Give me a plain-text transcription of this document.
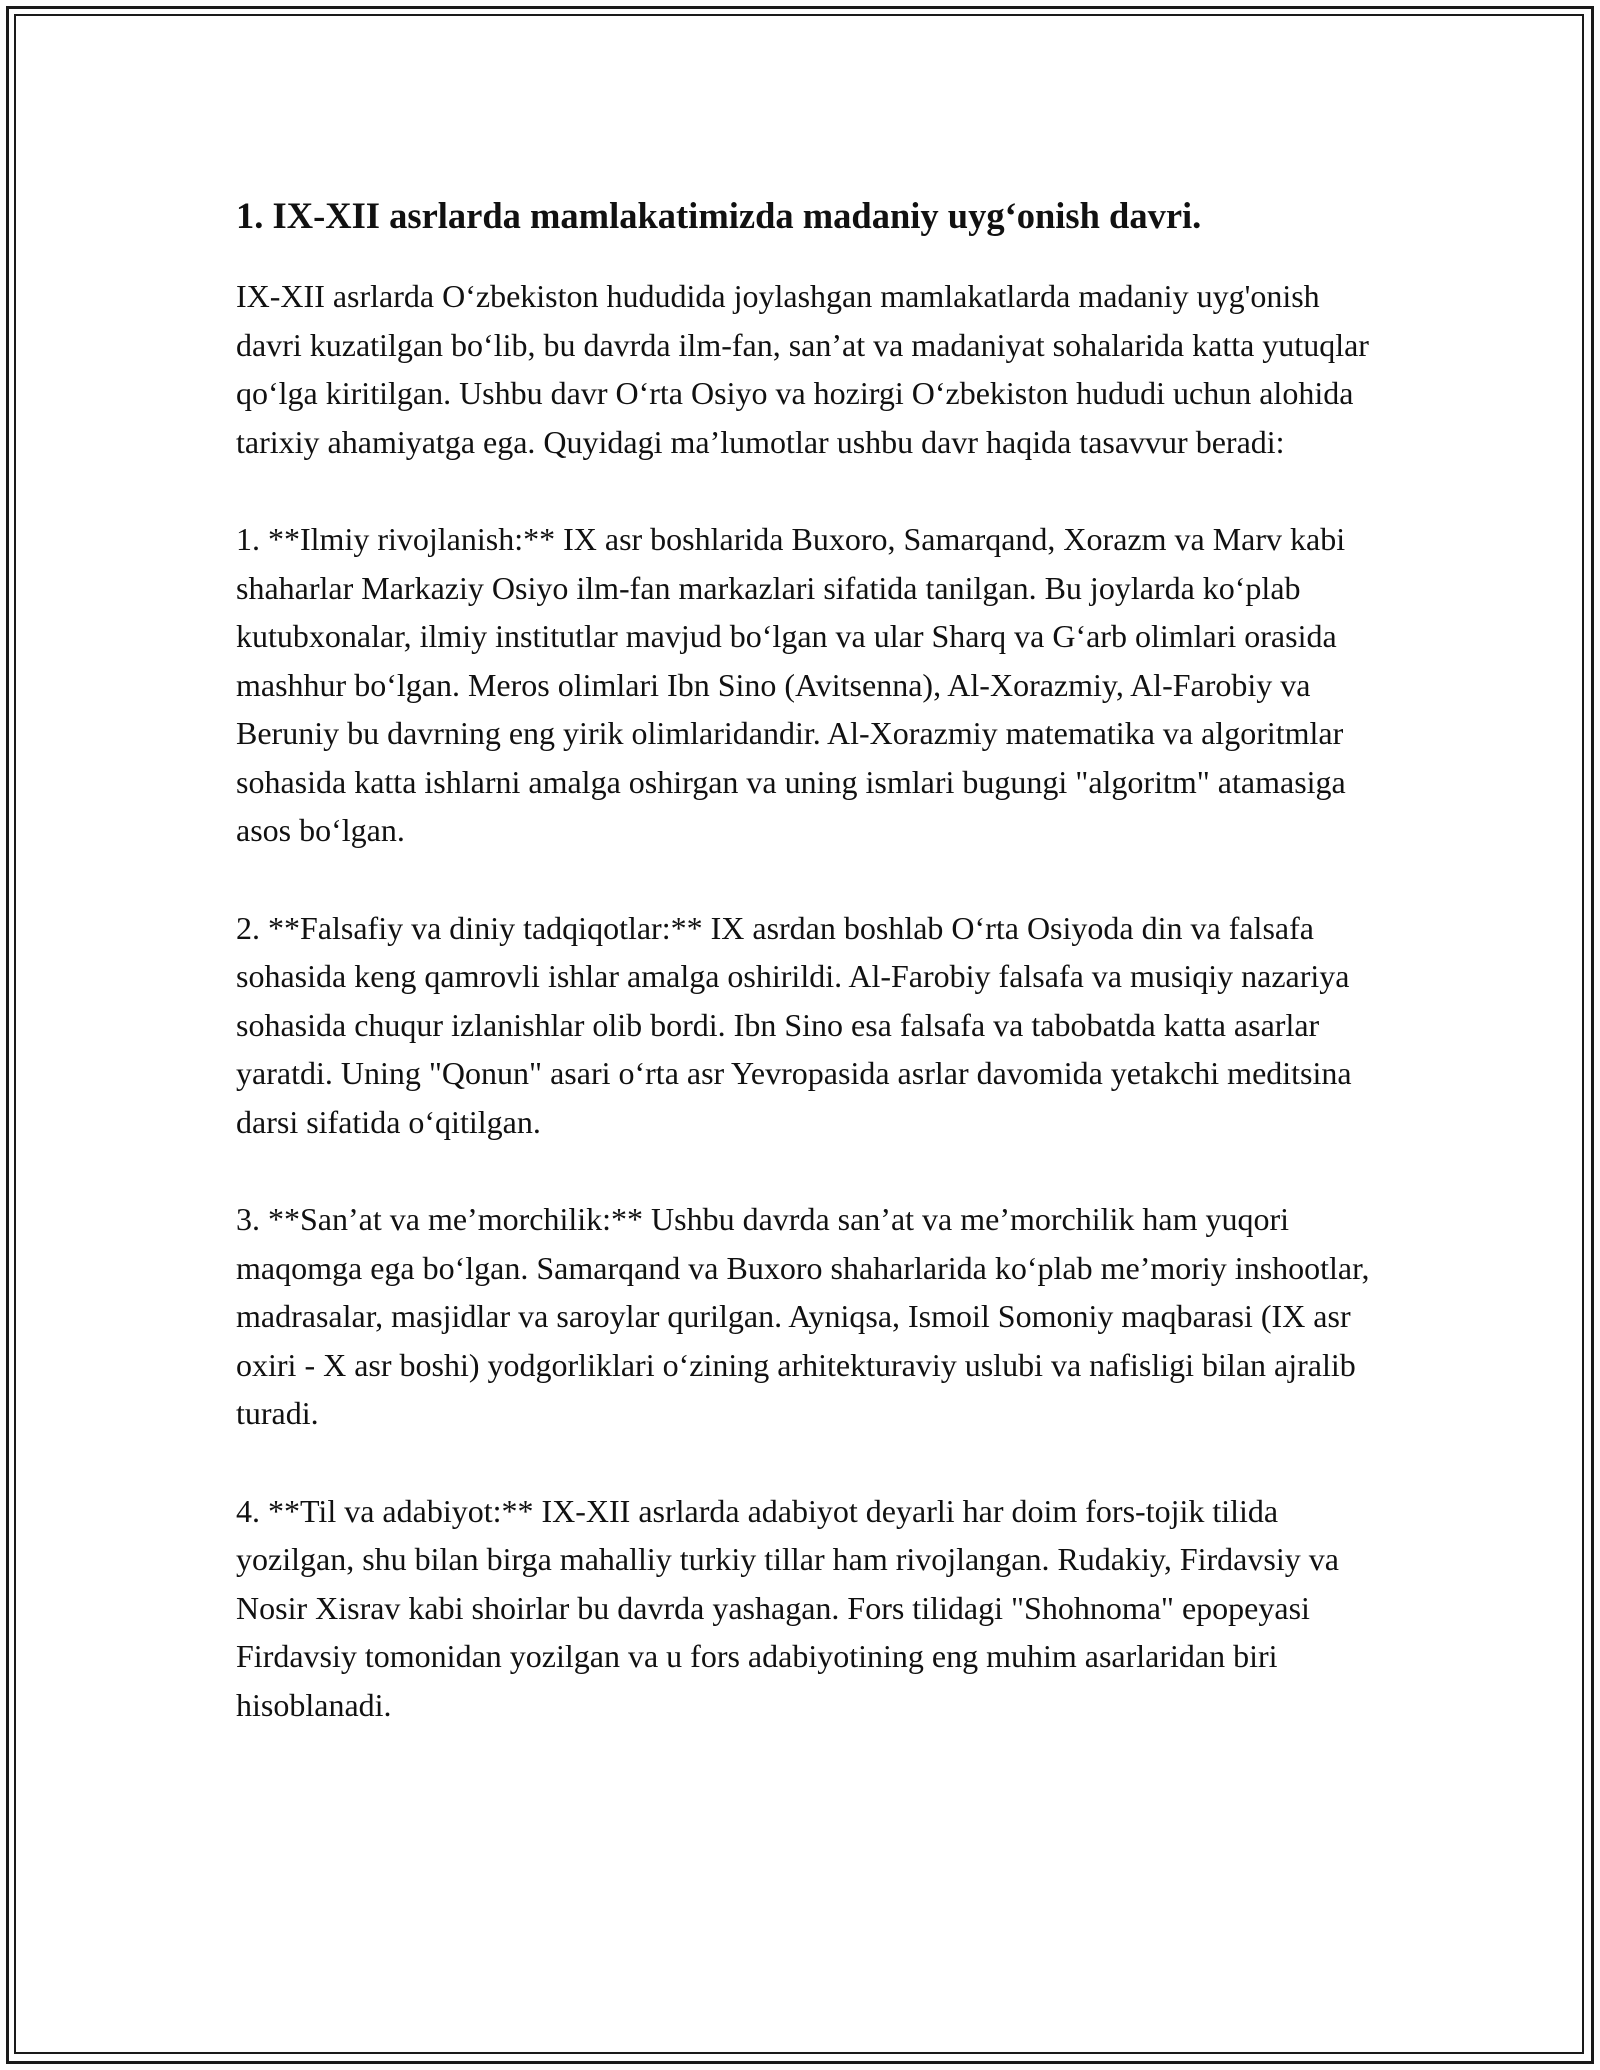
1. IX-XII asrlarda mamlakatimizda madaniy uyg‘onish davri.

IX-XII asrlarda O‘zbekiston hududida joylashgan mamlakatlarda madaniy uyg'onish davri kuzatilgan bo‘lib, bu davrda ilm-fan, san’at va madaniyat sohalarida katta yutuqlar qo‘lga kiritilgan. Ushbu davr O‘rta Osiyo va hozirgi O‘zbekiston hududi uchun alohida tarixiy ahamiyatga ega. Quyidagi ma’lumotlar ushbu davr haqida tasavvur beradi:

1. **Ilmiy rivojlanish:** IX asr boshlarida Buxoro, Samarqand, Xorazm va Marv kabi shaharlar Markaziy Osiyo ilm-fan markazlari sifatida tanilgan. Bu joylarda ko‘plab kutubxonalar, ilmiy institutlar mavjud bo‘lgan va ular Sharq va G‘arb olimlari orasida mashhur bo‘lgan. Meros olimlari Ibn Sino (Avitsenna), Al-Xorazmiy, Al-Farobiy va Beruniy bu davrning eng yirik olimlaridandir. Al-Xorazmiy matematika va algoritmlar sohasida katta ishlarni amalga oshirgan va uning ismlari bugungi "algoritm" atamasiga asos bo‘lgan.

2. **Falsafiy va diniy tadqiqotlar:** IX asrdan boshlab O‘rta Osiyoda din va falsafa sohasida keng qamrovli ishlar amalga oshirildi. Al-Farobiy falsafa va musiqiy nazariya sohasida chuqur izlanishlar olib bordi. Ibn Sino esa falsafa va tabobatda katta asarlar yaratdi. Uning "Qonun" asari o‘rta asr Yevropasida asrlar davomida yetakchi meditsina darsi sifatida o‘qitilgan.

3. **San’at va me’morchilik:** Ushbu davrda san’at va me’morchilik ham yuqori maqomga ega bo‘lgan. Samarqand va Buxoro shaharlarida ko‘plab me’moriy inshootlar, madrasalar, masjidlar va saroylar qurilgan. Ayniqsa, Ismoil Somoniy maqbarasi (IX asr oxiri - X asr boshi) yodgorliklari o‘zining arhitekturaviy uslubi va nafisligi bilan ajralib turadi.

4. **Til va adabiyot:** IX-XII asrlarda adabiyot deyarli har doim fors-tojik tilida yozilgan, shu bilan birga mahalliy turkiy tillar ham rivojlangan. Rudakiy, Firdavsiy va Nosir Xisrav kabi shoirlar bu davrda yashagan. Fors tilidagi "Shohnoma" epopeyasi Firdavsiy tomonidan yozilgan va u fors adabiyotining eng muhim asarlaridan biri hisoblanadi.
